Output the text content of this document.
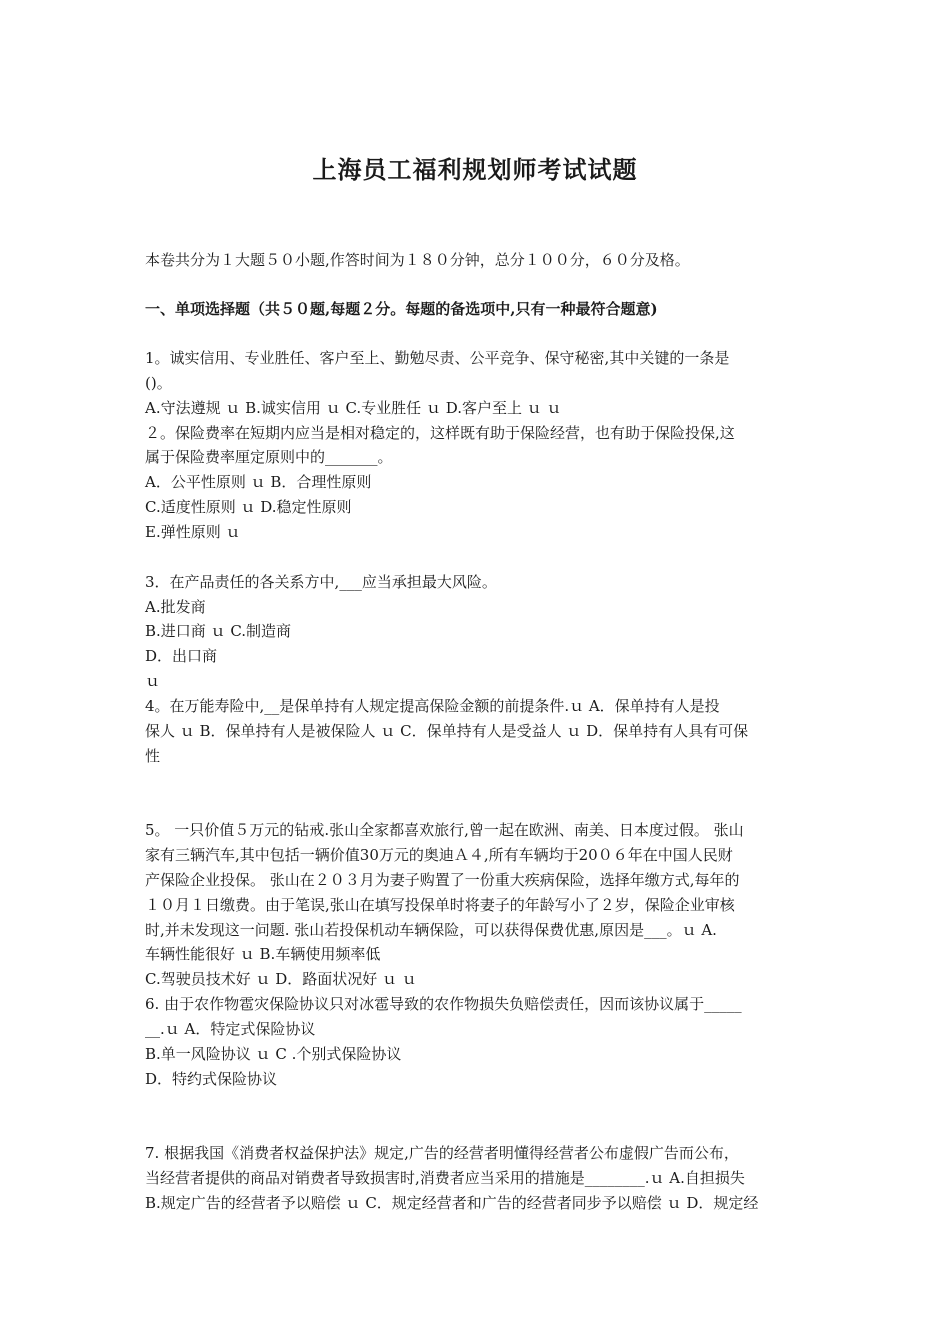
上海员工福利规划师考试试题
本卷共分为１大题５０小题,作答时间为１８０分钟，总分１００分，６０分及格。
一、单项选择题（共５０题,每题２分。每题的备选项中,只有一种最符合题意)
1。诚实信用、专业胜任、客户至上、勤勉尽责、公平竞争、保守秘密,其中关键的一条是
()。
A.守法遵规 ｕ B.诚实信用 ｕ C.专业胜任 ｕ D.客户至上 ｕ ｕ
２。保险费率在短期内应当是相对稳定的，这样既有助于保险经营，也有助于保险投保,这
属于保险费率厘定原则中的_______。
A．公平性原则 ｕ B．合理性原则
C.适度性原则 ｕ D.稳定性原则
E.弹性原则 ｕ
3．在产品责任的各关系方中,___应当承担最大风险。
A.批发商
B.进口商 ｕ C.制造商
D．出口商
ｕ
4。在万能寿险中,__是保单持有人规定提高保险金额的前提条件.ｕ A．保单持有人是投
保人 ｕ B．保单持有人是被保险人 ｕ C．保单持有人是受益人 ｕ D．保单持有人具有可保
性
5。 一只价值５万元的钻戒.张山全家都喜欢旅行,曾一起在欧洲、南美、日本度过假。 张山
家有三辆汽车,其中包括一辆价值30万元的奥迪Ａ４,所有车辆均于20０６年在中国人民财
产保险企业投保。 张山在２０３月为妻子购置了一份重大疾病保险，选择年缴方式,每年的
１０月１日缴费。由于笔误,张山在填写投保单时将妻子的年龄写小了２岁，保险企业审核
时,并未发现这一问题. 张山若投保机动车辆保险，可以获得保费优惠,原因是___。ｕ A.
车辆性能很好 ｕ B.车辆使用频率低
C.驾驶员技术好 ｕ D．路面状况好 ｕ ｕ
6. 由于农作物雹灾保险协议只对冰雹导致的农作物损失负赔偿责任，因而该协议属于_____
__.ｕ A．特定式保险协议
B.单一风险协议 ｕ C .个别式保险协议
D．特约式保险协议
7. 根据我国《消费者权益保护法》规定,广告的经营者明懂得经营者公布虚假广告而公布，
当经营者提供的商品对销费者导致损害时,消费者应当采用的措施是________.ｕ A.自担损失
B.规定广告的经营者予以赔偿 ｕ C．规定经营者和广告的经营者同步予以赔偿 ｕ D．规定经
